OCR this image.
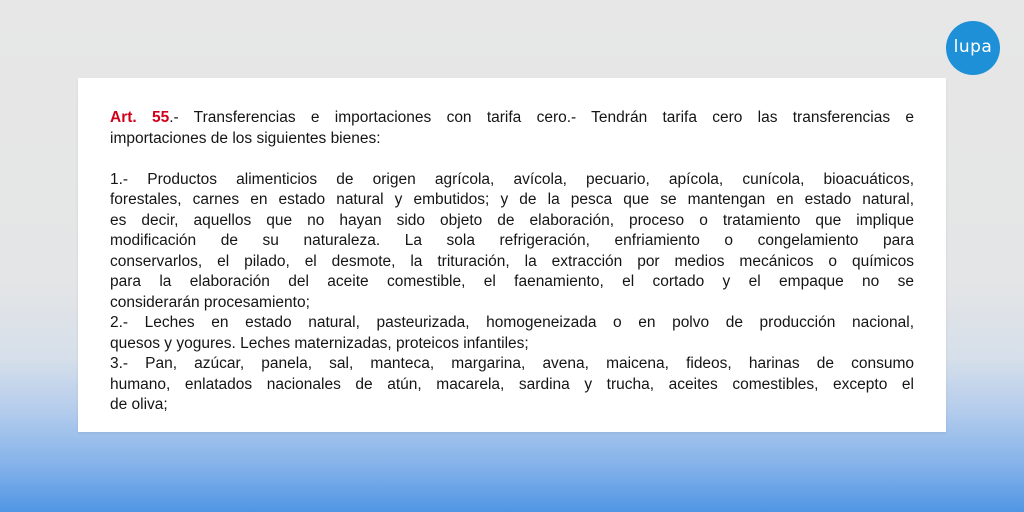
lupa
Art. 55.- Transferencias e importaciones con tarifa cero.- Tendrán tarifa cero las transferencias e
importaciones de los siguientes bienes:
1.- Productos alimenticios de origen agrícola, avícola, pecuario, apícola, cunícola, bioacuáticos,
forestales, carnes en estado natural y embutidos; y de la pesca que se mantengan en estado natural,
es decir, aquellos que no hayan sido objeto de elaboración, proceso o tratamiento que implique
modificación de su naturaleza. La sola refrigeración, enfriamiento o congelamiento para
conservarlos, el pilado, el desmote, la trituración, la extracción por medios mecánicos o químicos
para la elaboración del aceite comestible, el faenamiento, el cortado y el empaque no se
considerarán procesamiento;
2.- Leches en estado natural, pasteurizada, homogeneizada o en polvo de producción nacional,
quesos y yogures. Leches maternizadas, proteicos infantiles;
3.- Pan, azúcar, panela, sal, manteca, margarina, avena, maicena, fideos, harinas de consumo
humano, enlatados nacionales de atún, macarela, sardina y trucha, aceites comestibles, excepto el
de oliva;
